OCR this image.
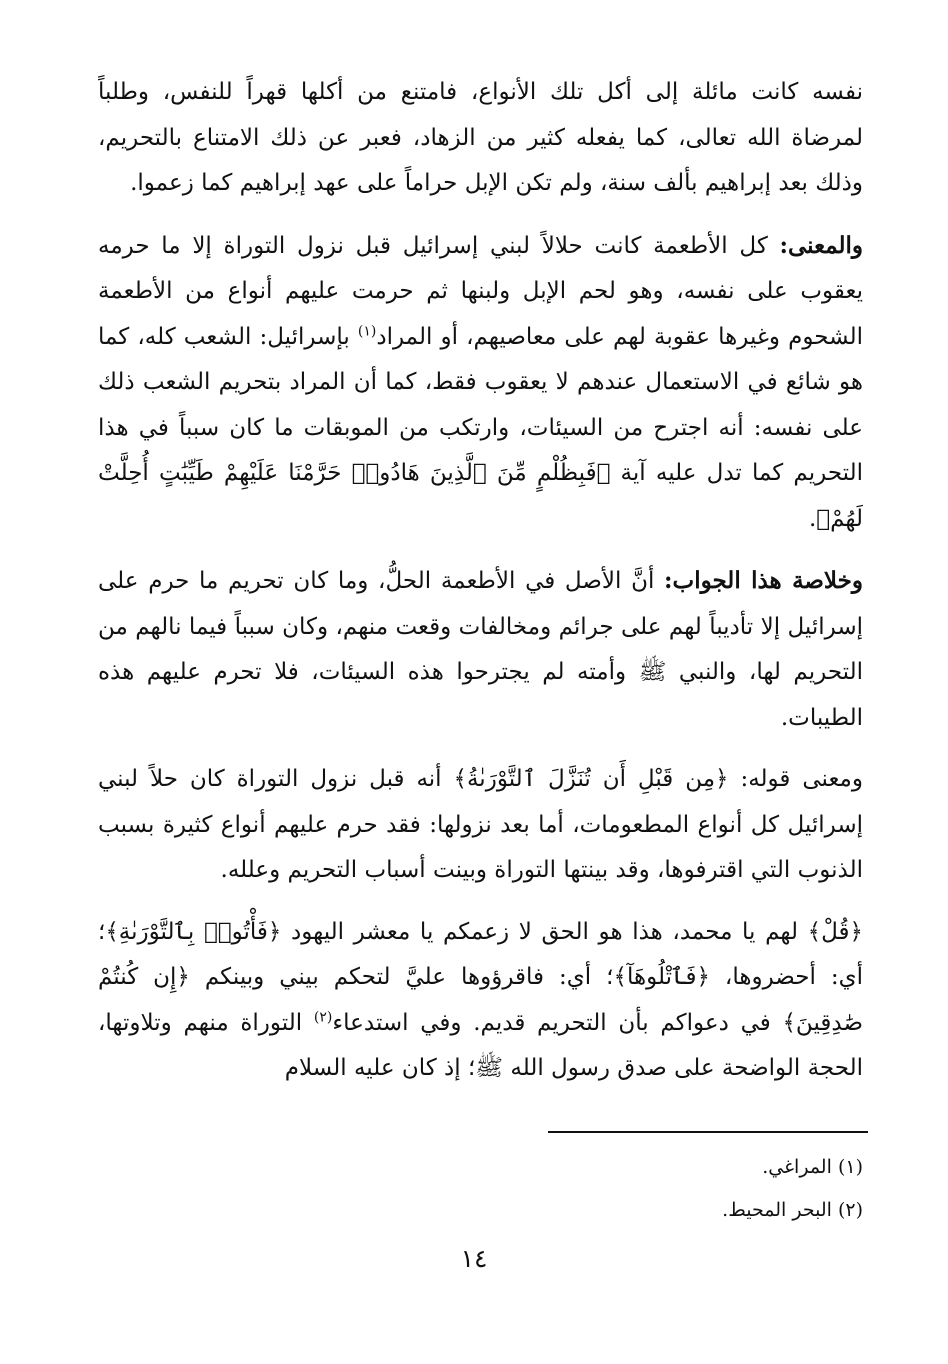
نفسه كانت مائلة إلى أكل تلك الأنواع، فامتنع من أكلها قهراً للنفس، وطلباً لمرضاة الله تعالى، كما يفعله كثير من الزهاد، فعبر عن ذلك الامتناع بالتحريم، وذلك بعد إبراهيم بألف سنة، ولم تكن الإبل حراماً على عهد إبراهيم كما زعموا.

والمعنى: كل الأطعمة كانت حلالاً لبني إسرائيل قبل نزول التوراة إلا ما حرمه يعقوب على نفسه، وهو لحم الإبل ولبنها ثم حرمت عليهم أنواع من الأطعمة الشحوم وغيرها عقوبة لهم على معاصيهم، أو المراد$^{(١)}$ بإسرائيل: الشعب كله، كما هو شائع في الاستعمال عندهم لا يعقوب فقط، كما أن المراد بتحريم الشعب ذلك على نفسه: أنه اجترح من السيئات، وارتكب من الموبقات ما كان سبباً في هذا التحريم كما تدل عليه آية ﴿فَبِظُلْمٍ مِّنَ ٱلَّذِينَ هَادُوا۟ حَرَّمْنَا عَلَيْهِمْ طَيِّبَٰتٍ أُحِلَّتْ لَهُمْ﴾.

وخلاصة هذا الجواب: أنَّ الأصل في الأطعمة الحلُّ، وما كان تحريم ما حرم على إسرائيل إلا تأديباً لهم على جرائم ومخالفات وقعت منهم، وكان سبباً فيما نالهم من التحريم لها، والنبي ﷺ وأمته لم يجترحوا هذه السيئات، فلا تحرم عليهم هذه الطيبات.

ومعنى قوله: ﴿مِن قَبْلِ أَن تُنَزَّلَ ٱلتَّوْرَىٰةُ﴾ أنه قبل نزول التوراة كان حلاً لبني إسرائيل كل أنواع المطعومات، أما بعد نزولها: فقد حرم عليهم أنواع كثيرة بسبب الذنوب التي اقترفوها، وقد بينتها التوراة وبينت أسباب التحريم وعلله.

﴿قُلْ﴾ لهم يا محمد، هذا هو الحق لا زعمكم يا معشر اليهود ﴿فَأْتُوا۟ بِٱلتَّوْرَىٰةِ﴾؛ أي: أحضروها، ﴿فَٱتْلُوهَآ﴾؛ أي: فاقرؤوها عليَّ لتحكم بيني وبينكم ﴿إِن كُنتُمْ صَٰدِقِينَ﴾ في دعواكم بأن التحريم قديم. وفي استدعاء$^{(٢)}$ التوراة منهم وتلاوتها، الحجة الواضحة على صدق رسول الله ﷺ؛ إذ كان عليه السلام

(١) المراغي.
(٢) البحر المحيط.
١٤
